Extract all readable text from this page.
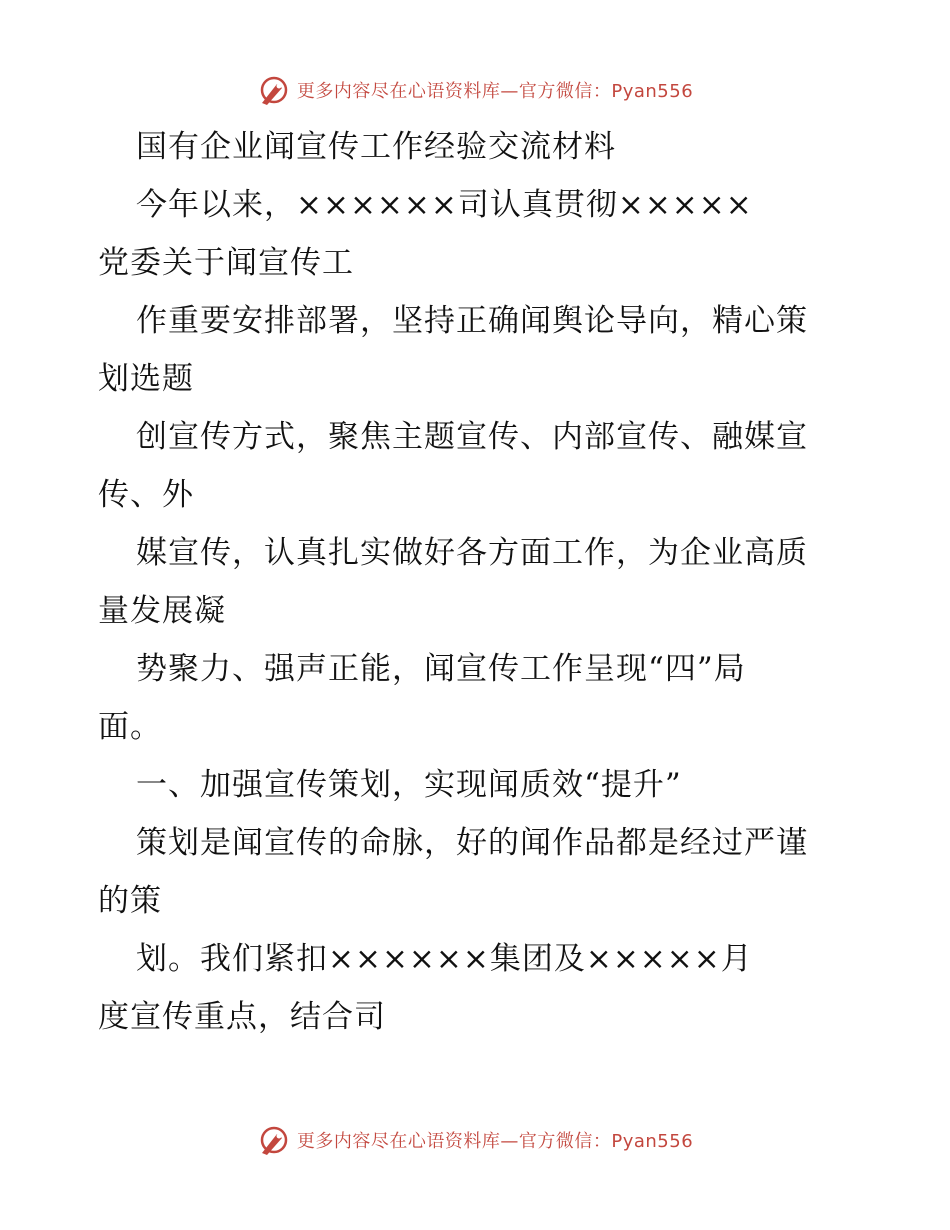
更多内容尽在心语资料库—官方微信：Pyan556
国有企业闻宣传工作经验交流材料
今年以来，××××××司认真贯彻×××××
党委关于闻宣传工
作重要安排部署，坚持正确闻舆论导向，精心策
划选题
创宣传方式，聚焦主题宣传、内部宣传、融媒宣
传、外
媒宣传，认真扎实做好各方面工作，为企业高质
量发展凝
势聚力、强声正能，闻宣传工作呈现“四”局
面。
一、加强宣传策划，实现闻质效“提升”
策划是闻宣传的命脉，好的闻作品都是经过严谨
的策
划。我们紧扣××××××集团及×××××月
度宣传重点，结合司
更多内容尽在心语资料库—官方微信：Pyan556
